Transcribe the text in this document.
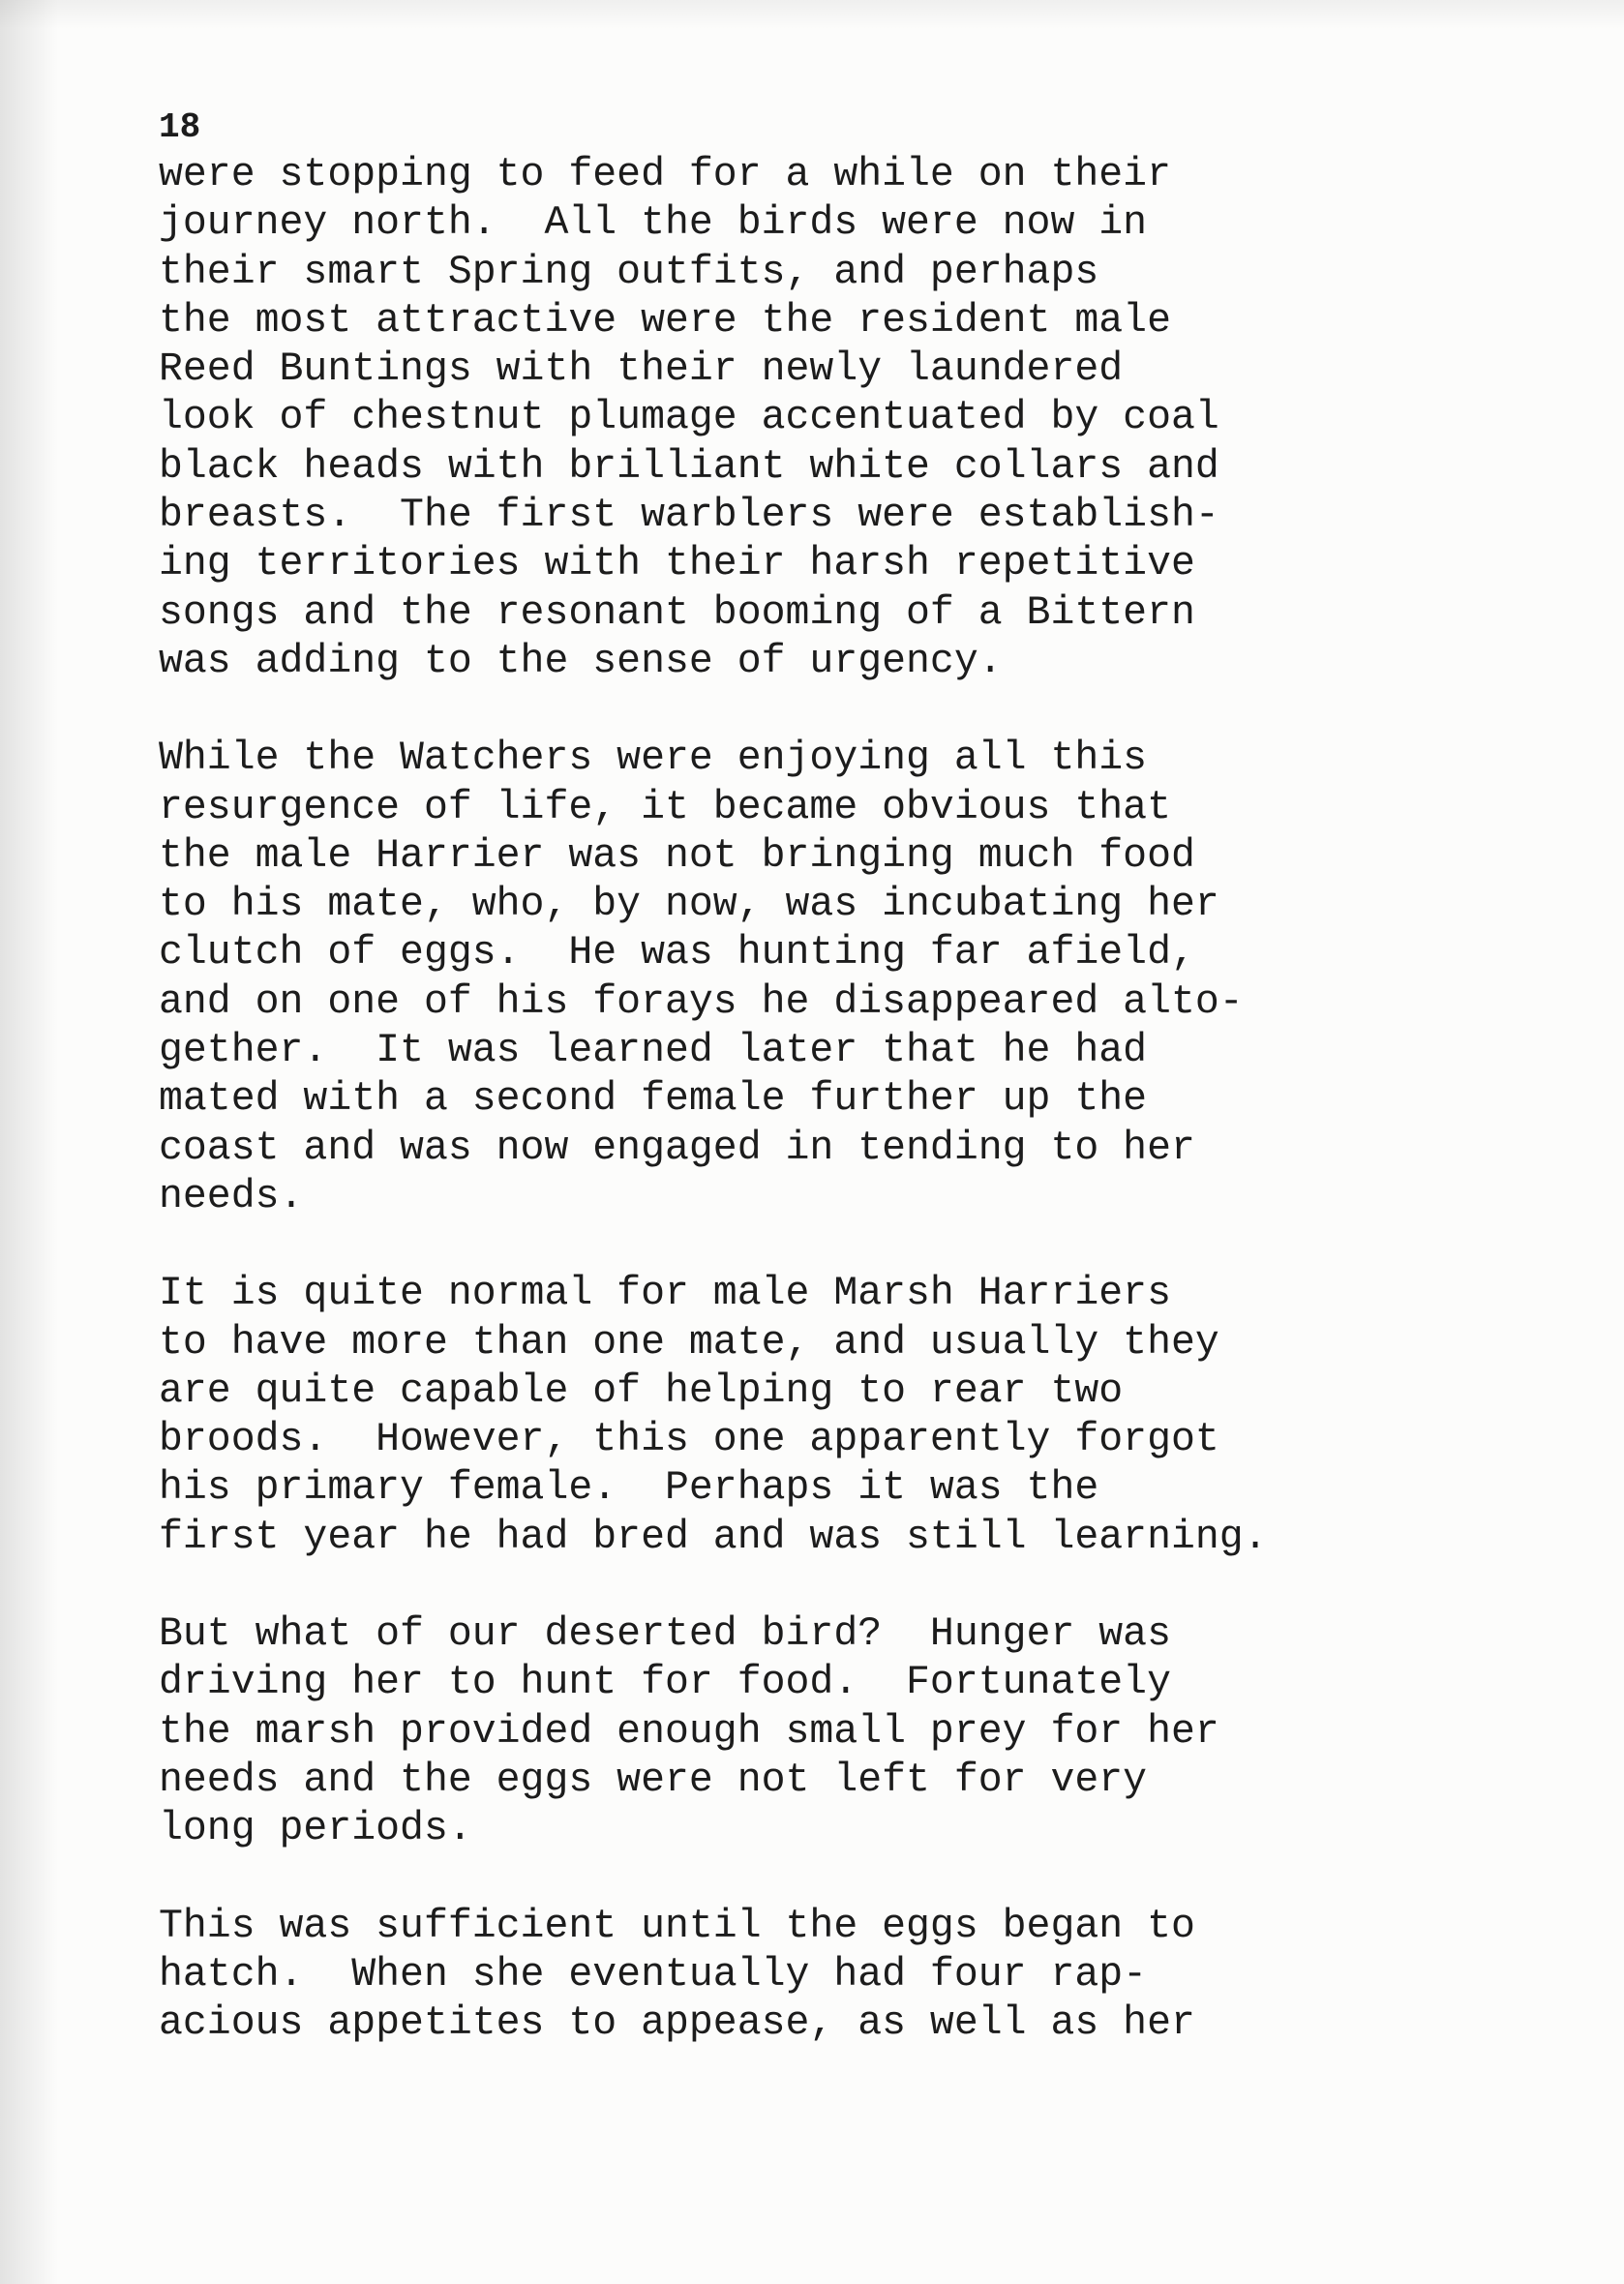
18

were stopping to feed for a while on their
journey north.  All the birds were now in
their smart Spring outfits, and perhaps
the most attractive were the resident male
Reed Buntings with their newly laundered
look of chestnut plumage accentuated by coal
black heads with brilliant white collars and
breasts.  The first warblers were establish-
ing territories with their harsh repetitive
songs and the resonant booming of a Bittern
was adding to the sense of urgency.

While the Watchers were enjoying all this
resurgence of life, it became obvious that
the male Harrier was not bringing much food
to his mate, who, by now, was incubating her
clutch of eggs.  He was hunting far afield,
and on one of his forays he disappeared alto-
gether.  It was learned later that he had
mated with a second female further up the
coast and was now engaged in tending to her
needs.

It is quite normal for male Marsh Harriers
to have more than one mate, and usually they
are quite capable of helping to rear two
broods.  However, this one apparently forgot
his primary female.  Perhaps it was the
first year he had bred and was still learning.

But what of our deserted bird?  Hunger was
driving her to hunt for food.  Fortunately
the marsh provided enough small prey for her
needs and the eggs were not left for very
long periods.

This was sufficient until the eggs began to
hatch.  When she eventually had four rap-
acious appetites to appease, as well as her
